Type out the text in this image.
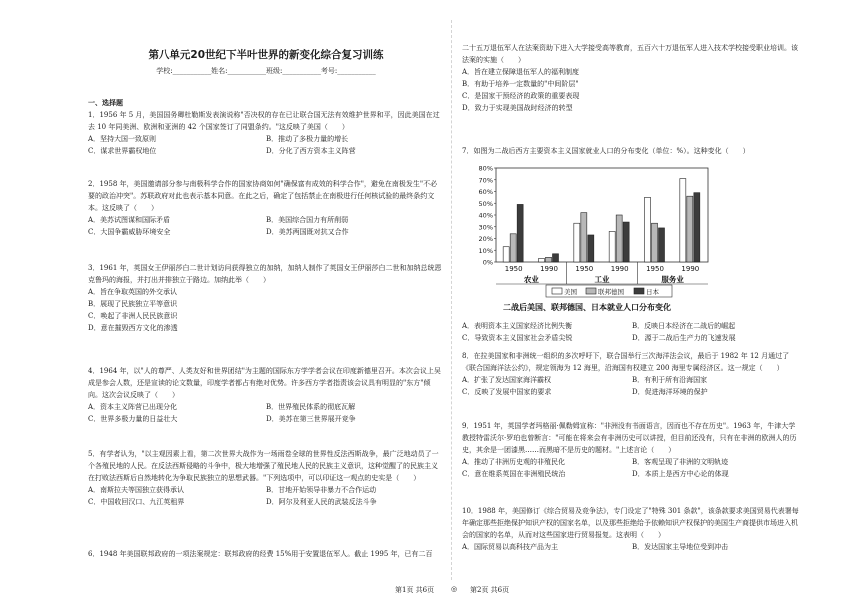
第八单元20世纪下半叶世界的新变化综合复习训练
学校:___________姓名:___________班级:___________考号:___________
一、选择题

1．1956 年 5 月，美国国务卿杜勒斯发表演说称"否决权的存在已让联合国无法有效维护世界和平，因此美国在过去 10 年同美洲、欧洲和亚洲的 42 个国家签订了同盟条约。"这反映了美国（　　）

A．坚持大国一致原则	B．推动了多极力量的增长
C．谋求世界霸权地位	D．分化了西方资本主义阵营

2．1958 年，美国邀请部分参与南极科学合作的国家协商如何"确保富有成效的科学合作"，避免在南极发生"不必要的政治冲突"。苏联政府对此也表示基本同意。在此之后，确定了包括禁止在南极进行任何核试验的最终条约文本。这反映了（　　）

A．美苏试图谋和国际矛盾	B．美国综合国力有所削弱
C．大国争霸威胁环境安全	D．美苏两国既对抗又合作

3．1961 年，英国女王伊丽莎白二世计划访问获得独立的加纳，加纳人制作了英国女王伊丽莎白二世和加纳总统恩克鲁玛的海报，并打出并排独立于路边。加纳此举（　　）

A．旨在争取英国的外交承认
B．展现了民族独立平等意识
C．唤起了非洲人民民族意识
D．意在摧毁西方文化的渗透

4．1964 年，以"人的尊严、人类友好和世界团结"为主题的国际东方学学者会议在印度新德里召开。本次会议上吴成是参会人数，还是宣读的论文数量，印度学者都占有绝对优势。许多西方学者指责该会议具有明显的"东方"倾向。这次会议反映了（　　）

A．资本主义阵营已出现分化	B．世界殖民体系的彻底瓦解
C．世界多极力量的日益壮大	D．美苏在第三世界展开竞争

5．有学者认为，"以主观因素上看，第二次世界大战作为一场雨卷全球的世界性反法西斯战争，最广泛地动员了一个各殖民地的人民。在反法西斯侵略的斗争中，极大地增强了殖民地人民的民族主义意识，这种觉醒了的民族主义在打败法西斯后自然地转化为争取民族独立的思想武器。"下列选项中，可以印证这一观点的史实是（　　）

A．南斯拉夫等国独立获得承认	B．甘地开始领导非暴力不合作运动
C．中国收回汉口、九江英租界	D．阿尔及利亚人民的武装反法斗争

6．1948 年美国联邦政府的一项法案规定：联邦政府的经费 15%用于安置退伍军人。截止 1995 年，已有二百

二十五万退伍军人在法案资助下进入大学接受高等教育，五百六十万退伍军人进入技术学校接受职业培训。该法案的实施（　　）

A．旨在建立保障退伍军人的福利制度
B．有助于培养一定数量的"中间阶层"
C．是国家干预经济的政策的重要表现
D．致力于实现美国战时经济的转型

7．如图为二战后西方主要资本主义国家就业人口的分布变化（单位：%）。这种变化（　　）

0%
10%
20%
30%
40%
50%
60%
70%
80%
1950	1990	1950	1990	1950	1990
农业	工业	服务业
美国	联邦德国	日本
二战后美国、联邦德国、日本就业人口分布变化
A．表明资本主义国家经济比例失衡	B．反映日本经济在二战后的崛起
C．导致资本主义国家社会矛盾尖锐	D．源于二战后生产力的飞速发展

8．在拉美国家和非洲统一组织的多次呼吁下，联合国举行三次海洋法会议，最后于 1982 年 12 月通过了《联合国海洋法公约》，规定领海为 12 海里，沿海国有权建立 200 海里专属经济区。这一规定（　　）

A．扩张了发达国家海洋霸权	B．有利于所有沿海国家
C．反映了发展中国家的要求	D．促进海洋环境的保护

9．1951 年，英国学者玛格丽·佩勒姆宣称："非洲没有书面语言，因而也不存在历史"。1963 年，牛津大学教授特雷沃尔·罗珀也曾断言："可能在将来会有非洲历史可以讲授，但目前还没有，只有在非洲的欧洲人的历史，其余是一团漆黑……而黑暗不是历史的题材。"上述言论（　　）

A．推动了非洲历史观的非殖民化	B．客观呈现了非洲的文明轨迹
C．意在维系英国在非洲殖民统治	D．本质上是西方中心论的体现

10．1988 年，美国修订《综合贸易及竞争法》，专门设定了"特殊 301 条款"，该条款要求美国贸易代表署每年确定那些拒绝保护知识产权的国家名单，以及那些拒绝给予依赖知识产权保护的美国生产商提供市场进入机会的国家的名单，从而对这些国家进行贸易报复。这表明（　　）

A．国际贸易以高科技产品为主	B．发达国家主导地位受到冲击
第1页 共6页 ◎ 第2页 共6页
